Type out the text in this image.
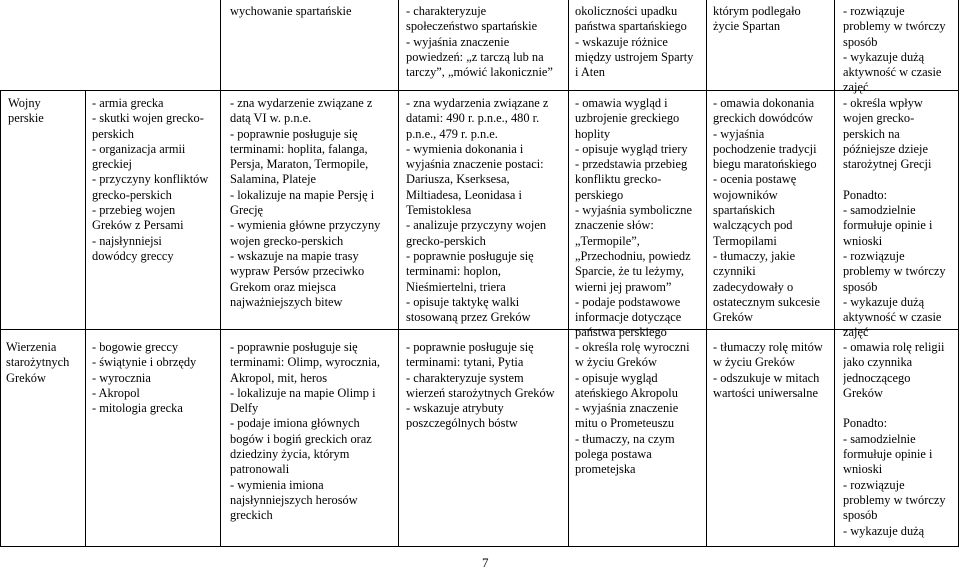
wychowanie spartańskie	- charakteryzuje
społeczeństwo spartańskie
- wyjaśnia znaczenie
powiedzeń: „z tarczą lub na
tarczy”, „mówić lakonicznie”
okoliczności upadku
państwa spartańskiego
- wskazuje różnice
między ustrojem Sparty
i Aten
którym podlegało
życie Spartan
- rozwiązuje
problemy w twórczy
sposób
- wykazuje dużą
aktywność w czasie
zajęć
Wojny
perskie
- armia grecka
- skutki wojen grecko-
perskich
- organizacja armii
greckiej
- przyczyny konfliktów
grecko-perskich
- przebieg wojen
Greków z Persami
- najsłynniejsi
dowódcy greccy
- zna wydarzenie związane z
datą VI w. p.n.e.
- poprawnie posługuje się
terminami: hoplita, falanga,
Persja, Maraton, Termopile,
Salamina, Plateje
- lokalizuje na mapie Persję i
Grecję
- wymienia główne przyczyny
wojen grecko-perskich
- wskazuje na mapie trasy
wypraw Persów przeciwko
Grekom oraz miejsca
najważniejszych bitew
- zna wydarzenia związane z
datami: 490 r. p.n.e., 480 r.
p.n.e., 479 r. p.n.e.
- wymienia dokonania i
wyjaśnia znaczenie postaci:
Dariusza, Kserksesa,
Miltiadesa, Leonidasa i
Temistoklesa
- analizuje przyczyny wojen
grecko-perskich
- poprawnie posługuje się
terminami: hoplon,
Nieśmiertelni, triera
- opisuje taktykę walki
stosowaną przez Greków
- omawia wygląd i
uzbrojenie greckiego
hoplity
- opisuje wygląd triery
- przedstawia przebieg
konfliktu grecko-
perskiego
- wyjaśnia symboliczne
znaczenie słów:
„Termopile”,
„Przechodniu, powiedz
Sparcie, że tu leżymy,
wierni jej prawom”
- podaje podstawowe
informacje dotyczące
państwa perskiego
- omawia dokonania
greckich dowódców
- wyjaśnia
pochodzenie tradycji
biegu maratońskiego
- ocenia postawę
wojowników
spartańskich
walczących pod
Termopilami
- tłumaczy, jakie
czynniki
zadecydowały o
ostatecznym sukcesie
Greków
- określa wpływ
wojen grecko-
perskich na
późniejsze dzieje
starożytnej Grecji

Ponadto:
- samodzielnie
formułuje opinie i
wnioski
- rozwiązuje
problemy w twórczy
sposób
- wykazuje dużą
aktywność w czasie
zajęć
Wierzenia
starożytnych
Greków
- bogowie greccy
- świątynie i obrzędy
- wyrocznia
- Akropol
- mitologia grecka
- poprawnie posługuje się
terminami: Olimp, wyrocznia,
Akropol, mit, heros
- lokalizuje na mapie Olimp i
Delfy
- podaje imiona głównych
bogów i bogiń greckich oraz
dziedziny życia, którym
patronowali
- wymienia imiona
najsłynniejszych herosów
greckich
- poprawnie posługuje się
terminami: tytani, Pytia
- charakteryzuje system
wierzeń starożytnych Greków
- wskazuje atrybuty
poszczególnych bóstw
- określa rolę wyroczni
w życiu Greków
- opisuje wygląd
ateńskiego Akropolu
- wyjaśnia znaczenie
mitu o Prometeuszu
- tłumaczy, na czym
polega postawa
prometejska
- tłumaczy rolę mitów
w życiu Greków
- odszukuje w mitach
wartości uniwersalne
- omawia rolę religii
jako czynnika
jednoczącego
Greków

Ponadto:
- samodzielnie
formułuje opinie i
wnioski
- rozwiązuje
problemy w twórczy
sposób
- wykazuje dużą
7
